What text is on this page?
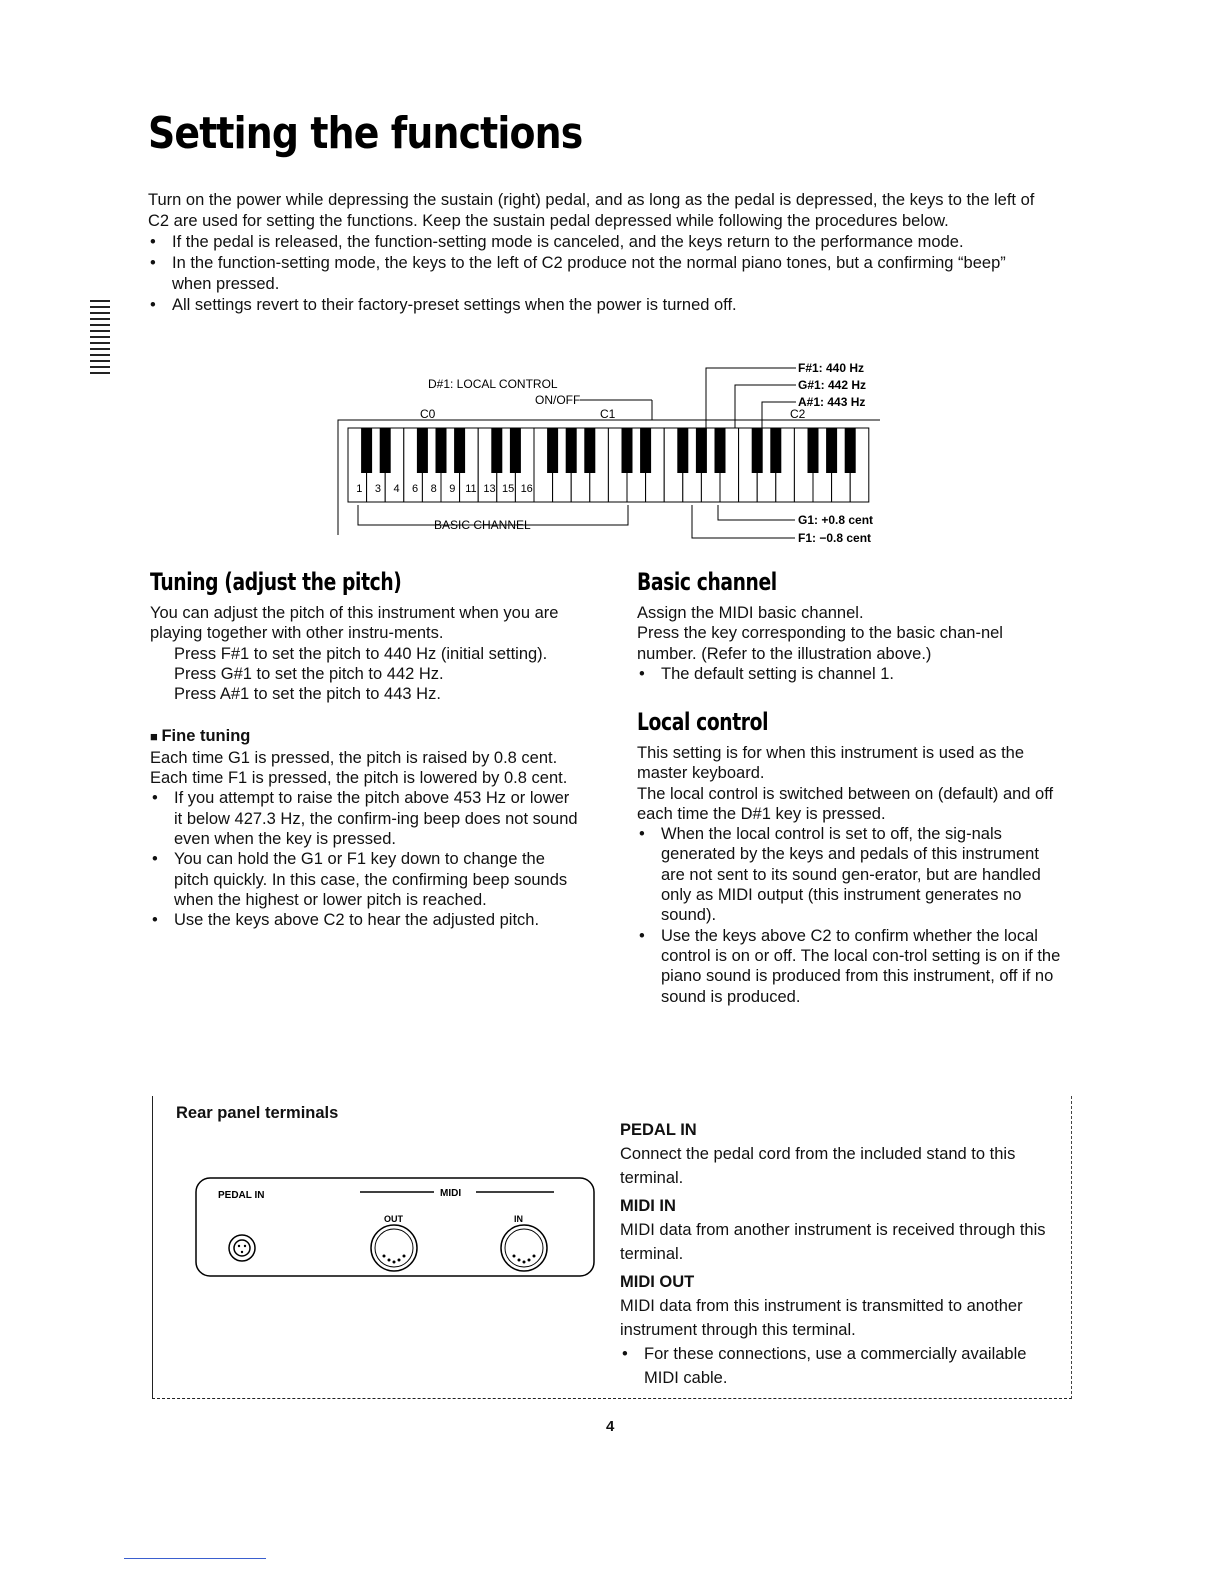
Setting the functions
Turn on the power while depressing the sustain (right) pedal, and as long as the pedal is depressed, the keys to the left of C2 are used for setting the functions. Keep the sustain pedal depressed while following the procedures below.
• If the pedal is released, the function-setting mode is canceled, and the keys return to the performance mode.
• In the function-setting mode, the keys to the left of C2 produce not the normal piano tones, but a confirming “beep” when pressed.
• All settings revert to their factory-preset settings when the power is turned off.
D#1: LOCAL CONTROL
ON/OFF
F#1: 440 Hz
G#1: 442 Hz
A#1: 443 Hz
C0	C1	C2
1 3 4 6 8 9 11 13 15 16
BASIC CHANNEL	G1: +0.8 cent
F1: −0.8 cent
Tuning (adjust the pitch)
You can adjust the pitch of this instrument when you are playing together with other instru-ments.
Press F#1 to set the pitch to 440 Hz (initial setting).
Press G#1 to set the pitch to 442 Hz.
Press A#1 to set the pitch to 443 Hz.
■ Fine tuning
Each time G1 is pressed, the pitch is raised by 0.8 cent.
Each time F1 is pressed, the pitch is lowered by 0.8 cent.
• If you attempt to raise the pitch above 453 Hz or lower it below 427.3 Hz, the confirm-ing beep does not sound even when the key is pressed.
• You can hold the G1 or F1 key down to change the pitch quickly. In this case, the confirming beep sounds when the highest or lower pitch is reached.
• Use the keys above C2 to hear the adjusted pitch.
Basic channel
Assign the MIDI basic channel.
Press the key corresponding to the basic chan-nel number. (Refer to the illustration above.)
• The default setting is channel 1.
Local control
This setting is for when this instrument is used as the master keyboard.
The local control is switched between on (default) and off each time the D#1 key is pressed.
• When the local control is set to off, the sig-nals generated by the keys and pedals of this instrument are not sent to its sound gen-erator, but are handled only as MIDI output (this instrument generates no sound).
• Use the keys above C2 to confirm whether the local control is on or off. The local con-trol setting is on if the piano sound is produced from this instrument, off if no sound is produced.
Rear panel terminals
PEDAL IN	MIDI
OUT	IN
PEDAL IN
Connect the pedal cord from the included stand to this terminal.
MIDI IN
MIDI data from another instrument is received through this terminal.
MIDI OUT
MIDI data from this instrument is transmitted to another instrument through this terminal.
• For these connections, use a commercially available MIDI cable.
4
